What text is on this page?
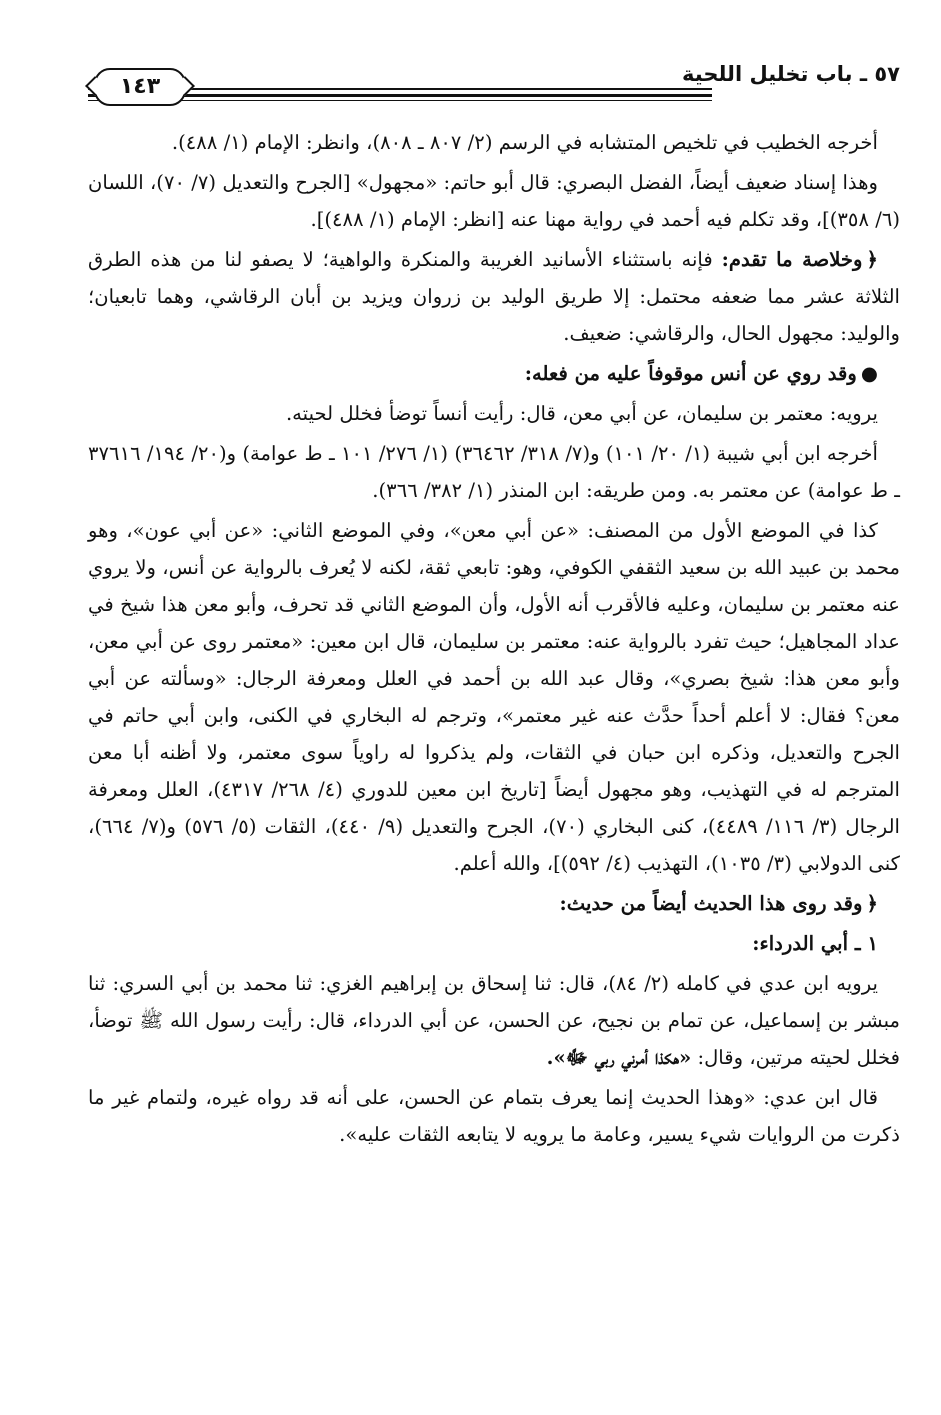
٥٧ ـ باب تخليل اللحية
١٤٣

أخرجه الخطيب في تلخيص المتشابه في الرسم (٢/ ٨٠٧ ـ ٨٠٨)، وانظر: الإمام (١/ ٤٨٨).

وهذا إسناد ضعيف أيضاً، الفضل البصري: قال أبو حاتم: «مجهول» [الجرح والتعديل (٧/ ٧٠)، اللسان (٦/ ٣٥٨)]، وقد تكلم فيه أحمد في رواية مهنا عنه [انظر: الإمام (١/ ٤٨٨)].

﴿وخلاصة ما تقدم: فإنه باستثناء الأسانيد الغريبة والمنكرة والواهية؛ لا يصفو لنا من هذه الطرق الثلاثة عشر مما ضعفه محتمل: إلا طريق الوليد بن زروان ويزيد بن أبان الرقاشي، وهما تابعيان؛ والوليد: مجهول الحال، والرقاشي: ضعيف.

●وقد روي عن أنس موقوفاً عليه من فعله:

يرويه: معتمر بن سليمان، عن أبي معن، قال: رأيت أنساً توضأ فخلل لحيته.

أخرجه ابن أبي شيبة (١/ ٢٠/ ١٠١) و(٧/ ٣١٨/ ٣٦٤٦٢) (١/ ٢٧٦/ ١٠١ ـ ط عوامة) و(٢٠/ ١٩٤/ ٣٧٦١٦ ـ ط عوامة) عن معتمر به. ومن طريقه: ابن المنذر (١/ ٣٨٢/ ٣٦٦).

كذا في الموضع الأول من المصنف: «عن أبي معن»، وفي الموضع الثاني: «عن أبي عون»، وهو محمد بن عبيد الله بن سعيد الثقفي الكوفي، وهو: تابعي ثقة، لكنه لا يُعرف بالرواية عن أنس، ولا يروي عنه معتمر بن سليمان، وعليه فالأقرب أنه الأول، وأن الموضع الثاني قد تحرف، وأبو معن هذا شيخ في عداد المجاهيل؛ حيث تفرد بالرواية عنه: معتمر بن سليمان، قال ابن معين: «معتمر روى عن أبي معن، وأبو معن هذا: شيخ بصري»، وقال عبد الله بن أحمد في العلل ومعرفة الرجال: «وسألته عن أبي معن؟ فقال: لا أعلم أحداً حدَّث عنه غير معتمر»، وترجم له البخاري في الكنى، وابن أبي حاتم في الجرح والتعديل، وذكره ابن حبان في الثقات، ولم يذكروا له راوياً سوى معتمر، ولا أظنه أبا معن المترجم له في التهذيب، وهو مجهول أيضاً [تاريخ ابن معين للدوري (٤/ ٢٦٨/ ٤٣١٧)، العلل ومعرفة الرجال (٣/ ١١٦/ ٤٤٨٩)، كنى البخاري (٧٠)، الجرح والتعديل (٩/ ٤٤٠)، الثقات (٥/ ٥٧٦) و(٧/ ٦٦٤)، كنى الدولابي (٣/ ١٠٣٥)، التهذيب (٤/ ٥٩٢)]، والله أعلم.

﴿وقد روى هذا الحديث أيضاً من حديث:

١ ـ أبي الدرداء:

يرويه ابن عدي في كامله (٢/ ٨٤)، قال: ثنا إسحاق بن إبراهيم الغزي: ثنا محمد بن أبي السري: ثنا مبشر بن إسماعيل، عن تمام بن نجيح، عن الحسن، عن أبي الدرداء، قال: رأيت رسول الله ﷺ توضأ، فخلل لحيته مرتين، وقال: «هكذا أمرني ربي ﷻ».

قال ابن عدي: «وهذا الحديث إنما يعرف بتمام عن الحسن، على أنه قد رواه غيره، ولتمام غير ما ذكرت من الروايات شيء يسير، وعامة ما يرويه لا يتابعه الثقات عليه».
